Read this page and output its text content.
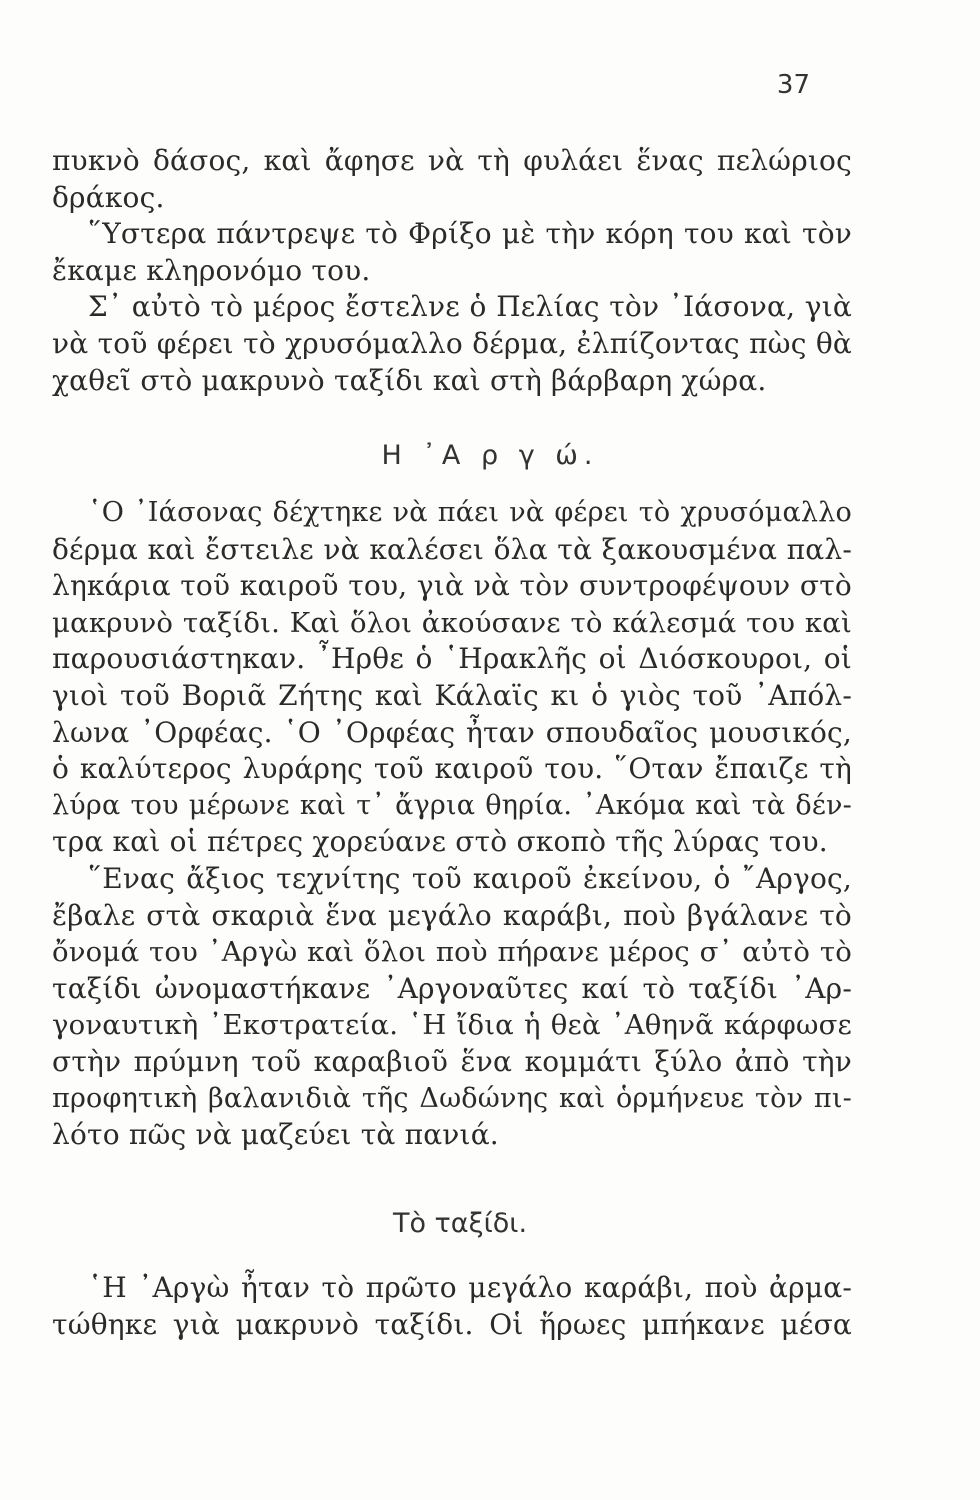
37
πυκνὸ δάσος, καὶ ἄφησε νὰ τὴ φυλάει ἕνας πελώριος
δράκος.
῞Υστερα πάντρεψε τὸ Φρίξο μὲ τὴν κόρη του καὶ τὸν
ἔκαμε κληρονόμο του.
Σ᾿ αὐτὸ τὸ μέρος ἔστελνε ὁ Πελίας τὸν ᾿Ιάσονα, γιὰ
νὰ τοῦ φέρει τὸ χρυσόμαλλο δέρμα, ἐλπίζοντας πὼς θὰ
χαθεῖ στὸ μακρυνὸ ταξίδι καὶ στὴ βάρβαρη χώρα.
Η ᾿Α ρ γ ώ.
῾Ο ᾿Ιάσονας δέχτηκε νὰ πάει νὰ φέρει τὸ χρυσόμαλλο
δέρμα καὶ ἔστειλε νὰ καλέσει ὅλα τὰ ξακουσμένα παλ-
ληκάρια τοῦ καιροῦ του, γιὰ νὰ τὸν συντροφέψουν στὸ
μακρυνὸ ταξίδι. Καὶ ὅλοι ἀκούσανε τὸ κάλεσμά του καὶ
παρουσιάστηκαν. ῏Ηρθε ὁ ῾Ηρακλῆς οἱ Διόσκουροι, οἱ
γιοὶ τοῦ Βοριᾶ Ζήτης καὶ Κάλαϊς κι ὁ γιὸς τοῦ ᾿Απόλ-
λωνα ᾿Ορφέας. ῾Ο ᾿Ορφέας ἦταν σπουδαῖος μουσικός,
ὁ καλύτερος λυράρης τοῦ καιροῦ του. ῞Οταν ἔπαιζε τὴ
λύρα του μέρωνε καὶ τ᾿ ἄγρια θηρία. ᾿Ακόμα καὶ τὰ δέν-
τρα καὶ οἱ πέτρες χορεύανε στὸ σκοπὸ τῆς λύρας του.
῞Ενας ἄξιος τεχνίτης τοῦ καιροῦ ἐκείνου, ὁ ῎Αργος,
ἔβαλε στὰ σκαριὰ ἕνα μεγάλο καράβι, ποὺ βγάλανε τὸ
ὄνομά του ᾿Αργὼ καὶ ὅλοι ποὺ πήρανε μέρος σ᾿ αὐτὸ τὸ
ταξίδι ὠνομαστήκανε ᾿Αργοναῦτες καί τὸ ταξίδι ᾿Αρ-
γοναυτικὴ ᾿Εκστρατεία. ῾Η ἴδια ἡ θεὰ ᾿Αθηνᾶ κάρφωσε
στὴν πρύμνη τοῦ καραβιοῦ ἕνα κομμάτι ξύλο ἀπὸ τὴν
προφητικὴ βαλανιδιὰ τῆς Δωδώνης καὶ ὁρμήνευε τὸν πι-
λότο πῶς νὰ μαζεύει τὰ πανιά.
Τὸ ταξίδι.
῾Η ᾿Αργὼ ἦταν τὸ πρῶτο μεγάλο καράβι, ποὺ ἀρμα-
τώθηκε γιὰ μακρυνὸ ταξίδι. Οἱ ἥρωες μπήκανε μέσα
